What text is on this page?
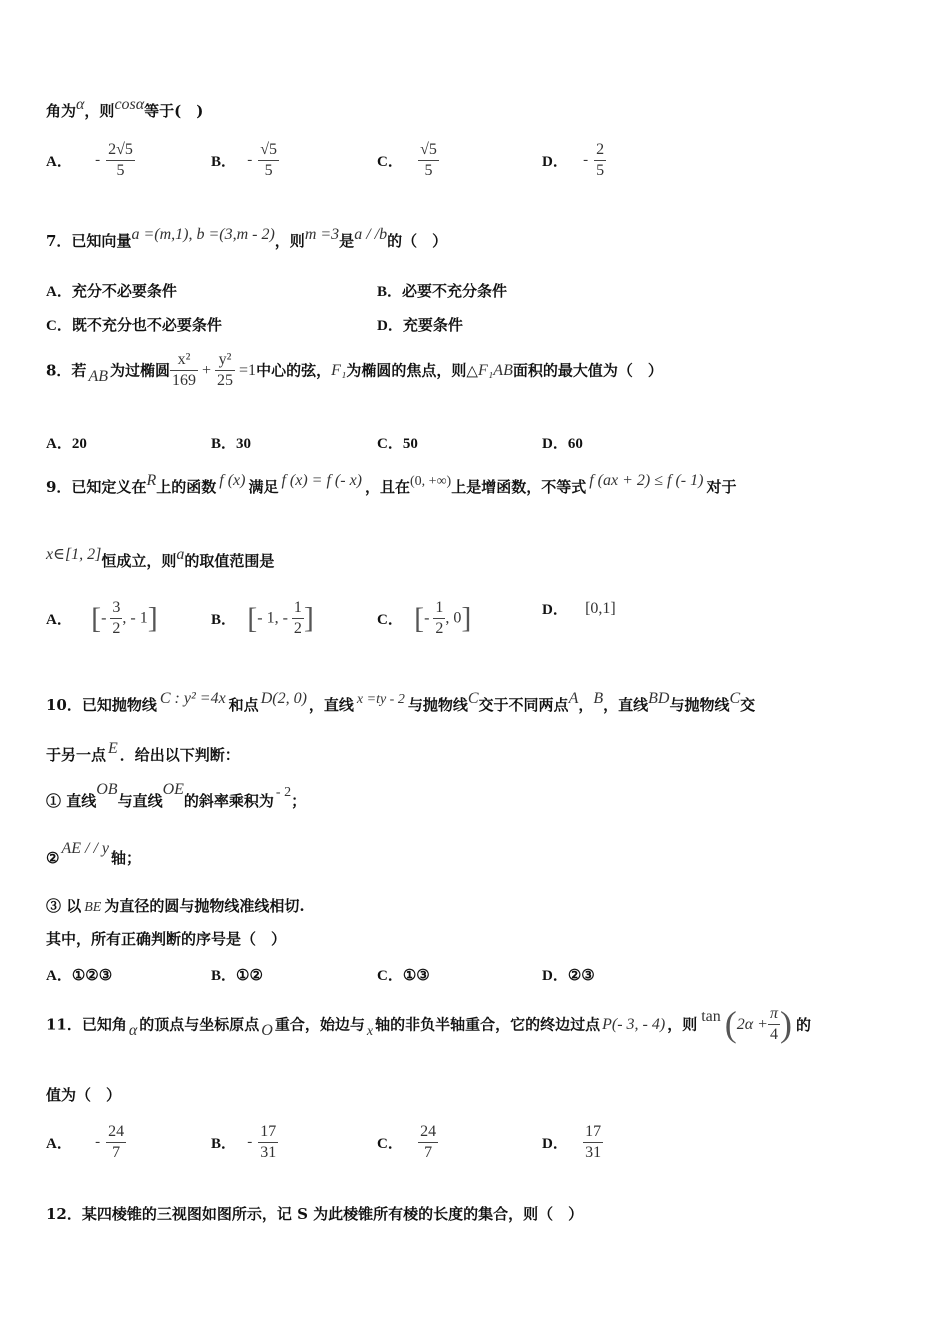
角为α，则cosα等于(　)
A． - $\frac{2√5}{5}$	B． - $\frac{√5}{5}$	C． $\frac{√5}{5}$	D． - $\frac{2}{5}$
7．已知向量a =(m,1), b =(3,m - 2)，则m =3是a / /b的（　）
A．充分不必要条件	B．必要不充分条件
C．既不充分也不必要条件	D．充要条件
8．若 AB 为过椭圆 $\frac{\text{x²}}{169} + \frac{\text{y²}}{25} =1$中心的弦，F₁为椭圆的焦点，则△F₁AB面积的最大值为（　）
A．20	B．30	C．50	D．60
9．已知定义在R上的函数 f (x) 满足 f (x) = f (- x) ，且在(0, +∞)上是增函数，不等式 f (ax + 2) ≤ f (- 1) 对于
x∈[1, 2]恒成立，则a的取值范围是
A． [- $\frac{3}{2}$ , - 1]	B． [- 1, - $\frac{1}{2}$ ]	C． [- $\frac{1}{2}$ , 0]	D． [0,1]
10．已知抛物线 C : y² =4x 和点 D(2, 0) ，直线 x =ty - 2 与抛物线C交于不同两点A，B，直线BD与抛物线C交
于另一点 E ．给出以下判断：
① 直线OB与直线OE的斜率乘积为 - 2；
②AE / / y轴；
③ 以 BE 为直径的圆与抛物线准线相切.
其中，所有正确判断的序号是（　）
A．①②③	B．①②	C．①③	D．②③
11．已知角 α 的顶点与坐标原点 O 重合，始边与 x 轴的非负半轴重合，它的终边过点 P(- 3, - 4) ，则 $\tan (2\alpha + \frac{\pi}{4}$ ) 的
值为（　）
A． - $\frac{24}{7}$	B． - $\frac{17}{31}$	C． $\frac{24}{7}$	D． $\frac{17}{31}$
12．某四棱锥的三视图如图所示，记 S 为此棱锥所有棱的长度的集合，则（　）
